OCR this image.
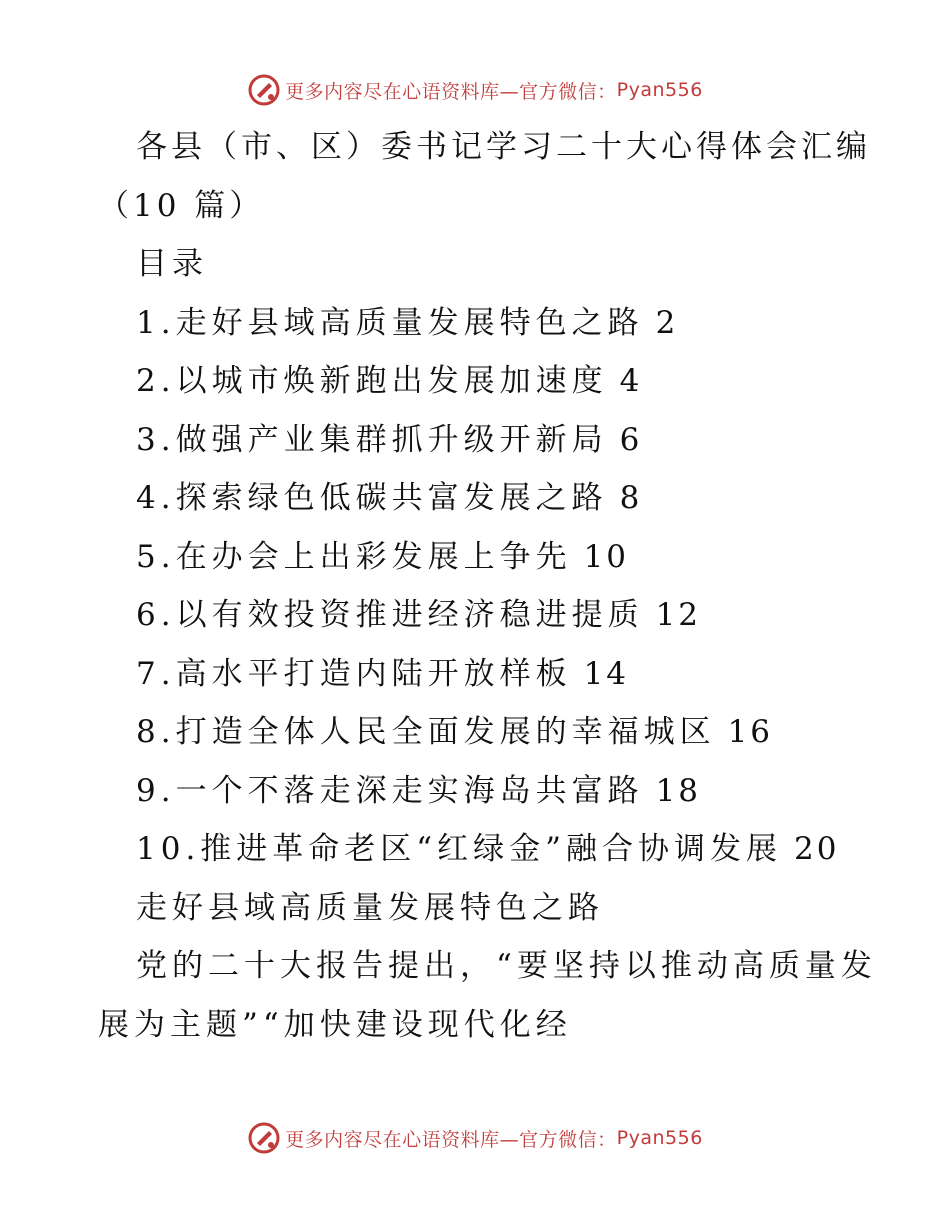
更多内容尽在心语资料库—官方微信： Pyan556
各县（市、区）委书记学习二十大心得体会汇编
（10 篇）
目录
1.走好县域高质量发展特色之路 2
2.以城市焕新跑出发展加速度 4
3.做强产业集群抓升级开新局 6
4.探索绿色低碳共富发展之路 8
5.在办会上出彩发展上争先 10
6.以有效投资推进经济稳进提质 12
7.高水平打造内陆开放样板 14
8.打造全体人民全面发展的幸福城区 16
9.一个不落走深走实海岛共富路 18
10.推进革命老区“红绿金”融合协调发展 20
走好县域高质量发展特色之路
党的二十大报告提出，“要坚持以推动高质量发
展为主题”“加快建设现代化经
更多内容尽在心语资料库—官方微信： Pyan556
